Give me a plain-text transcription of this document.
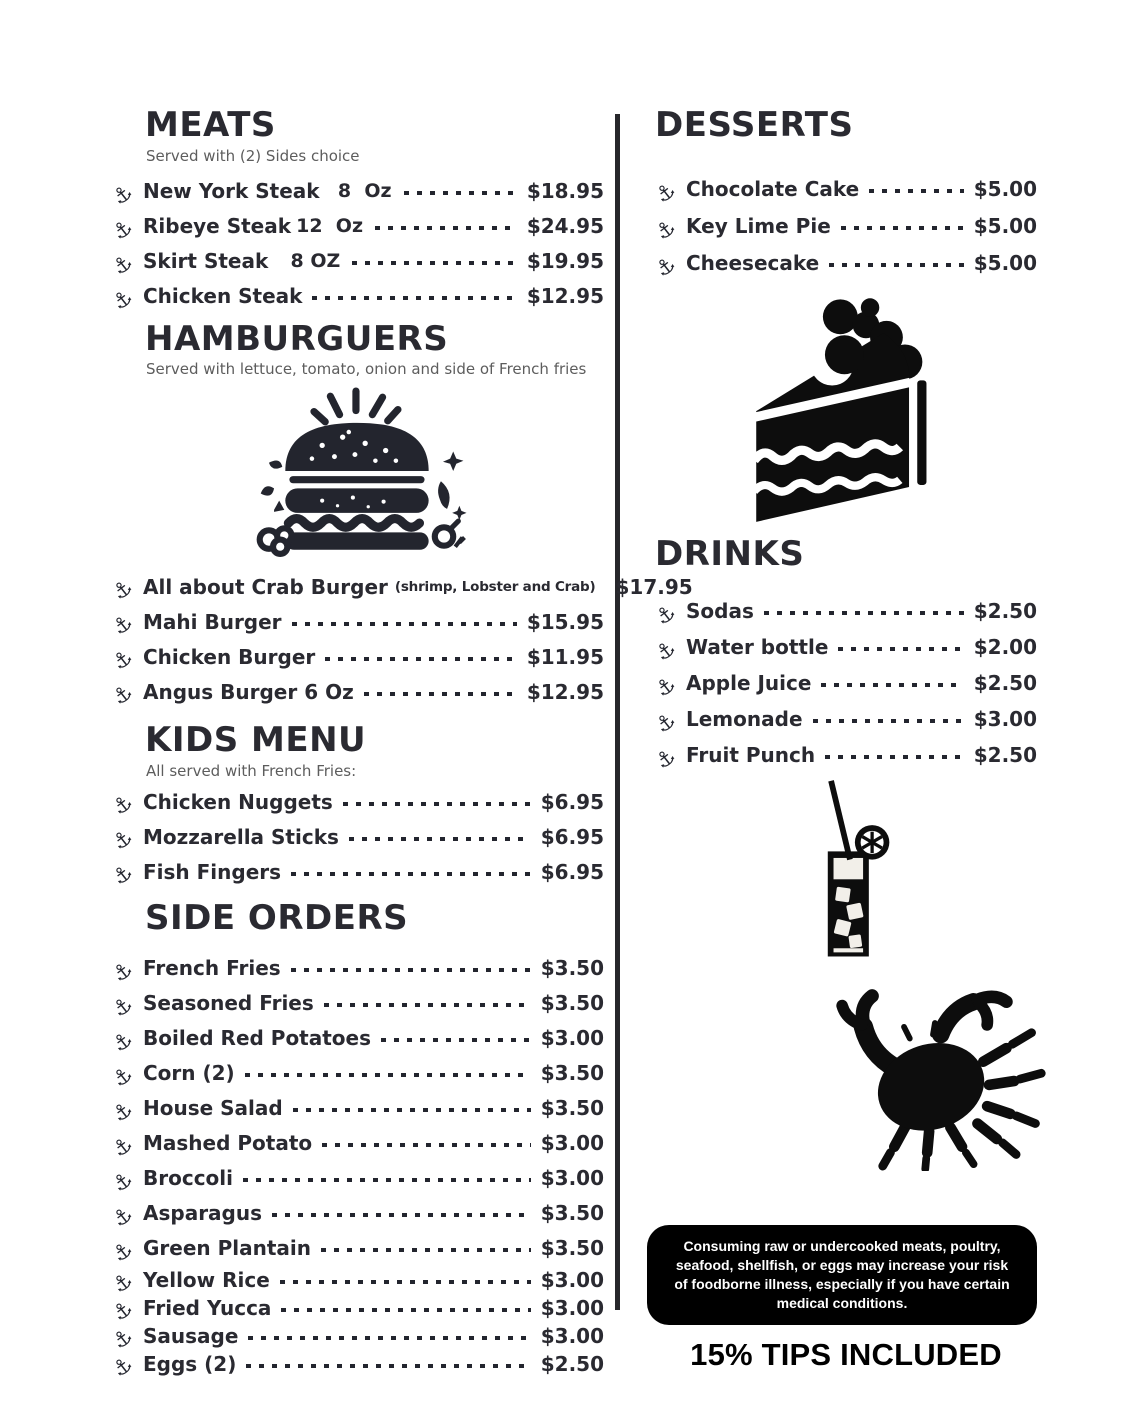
MEATS
Served with (2) Sides choice
⚓ New York Steak 8  Oz	$18.95
⚓ Ribeye Steak 12  Oz	$24.95
⚓ Skirt Steak	8 OZ	$19.95
⚓ Chicken Steak	$12.95
HAMBURGUERS
Served with lettuce, tomato, onion and side of French fries
⚓ All about Crab Burger (shrimp, Lobster and Crab) $17.95
⚓ Mahi Burger	$15.95
⚓ Chicken Burger	$11.95
⚓ Angus Burger 6 Oz	$12.95
KIDS MENU
All served with French Fries:
⚓ Chicken Nuggets	$6.95
⚓ Mozzarella Sticks	$6.95
⚓ Fish Fingers	$6.95
SIDE ORDERS
⚓ French Fries	$3.50
⚓ Seasoned Fries	$3.50
⚓ Boiled Red Potatoes	$3.00
⚓ Corn (2)	$3.50
⚓ House Salad	$3.50
⚓ Mashed Potato	$3.00
⚓ Broccoli	$3.00
⚓ Asparagus	$3.50
⚓ Green Plantain	$3.50
⚓ Yellow Rice	$3.00
⚓ Fried Yucca	$3.00
⚓ Sausage	$3.00
⚓ Eggs (2)	$2.50
DESSERTS
⚓ Chocolate Cake	$5.00
⚓ Key Lime Pie	$5.00
⚓ Cheesecake	$5.00
DRINKS
⚓ Sodas	$2.50
⚓ Water bottle	$2.00
⚓ Apple Juice	$2.50
⚓ Lemonade	$3.00
⚓ Fruit Punch	$2.50
Consuming raw or undercooked meats, poultry, seafood, shellfish, or eggs may increase your risk of foodborne illness, especially if you have certain medical conditions.
15% TIPS INCLUDED
